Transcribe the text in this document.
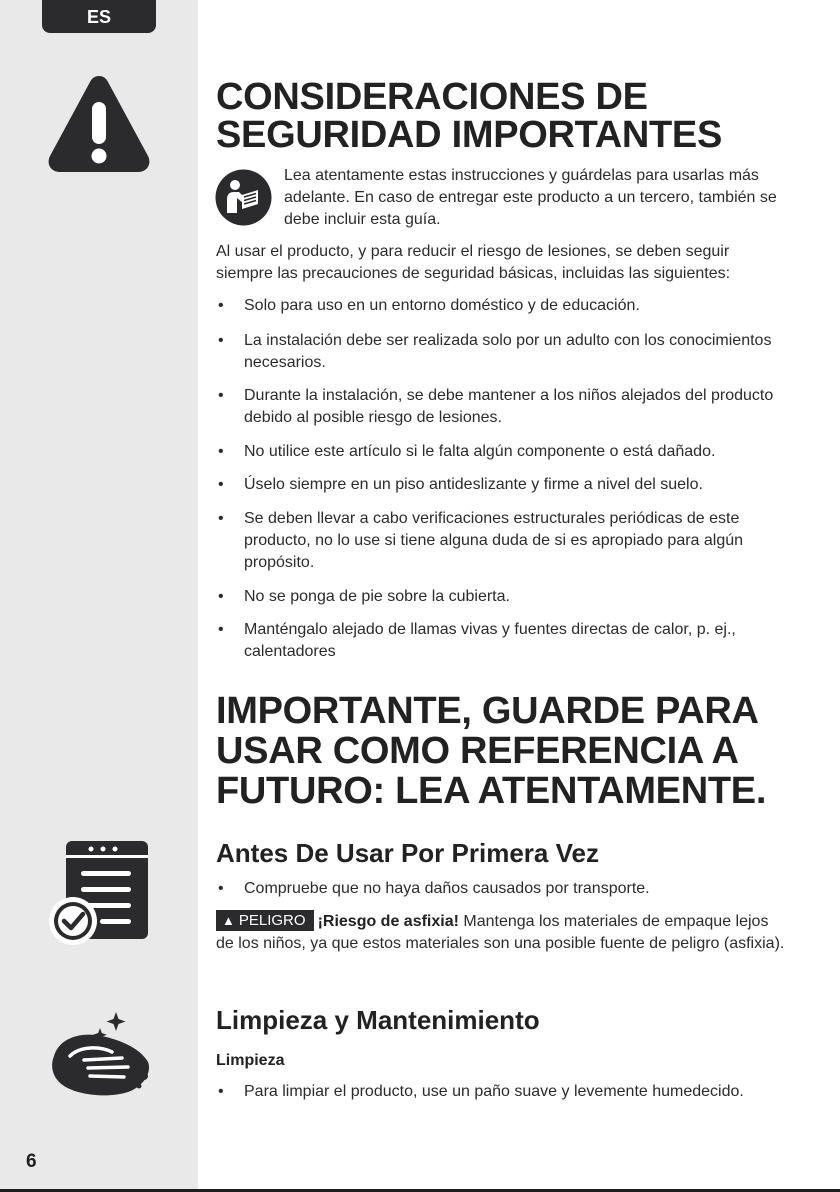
ES
6
CONSIDERACIONES DE
SEGURIDAD IMPORTANTES
Lea atentamente estas instrucciones y guárdelas para usarlas más adelante. En caso de entregar este producto a un tercero, también se debe incluir esta guía.
Al usar el producto, y para reducir el riesgo de lesiones, se deben seguir siempre las precauciones de seguridad básicas, incluidas las siguientes:
• Solo para uso en un entorno doméstico y de educación.
• La instalación debe ser realizada solo por un adulto con los conocimientos necesarios.
• Durante la instalación, se debe mantener a los niños alejados del producto debido al posible riesgo de lesiones.
• No utilice este artículo si le falta algún componente o está dañado.
• Úselo siempre en un piso antideslizante y firme a nivel del suelo.
• Se deben llevar a cabo verificaciones estructurales periódicas de este producto, no lo use si tiene alguna duda de si es apropiado para algún propósito.
• No se ponga de pie sobre la cubierta.
• Manténgalo alejado de llamas vivas y fuentes directas de calor, p. ej., calentadores
IMPORTANTE, GUARDE PARA
USAR COMO REFERENCIA A
FUTURO: LEA ATENTAMENTE.
Antes De Usar Por Primera Vez
• Compruebe que no haya daños causados por transporte.
▲ PELIGRO ¡Riesgo de asfixia! Mantenga los materiales de empaque lejos de los niños, ya que estos materiales son una posible fuente de peligro (asfixia).
Limpieza y Mantenimiento
Limpieza
• Para limpiar el producto, use un paño suave y levemente humedecido.
